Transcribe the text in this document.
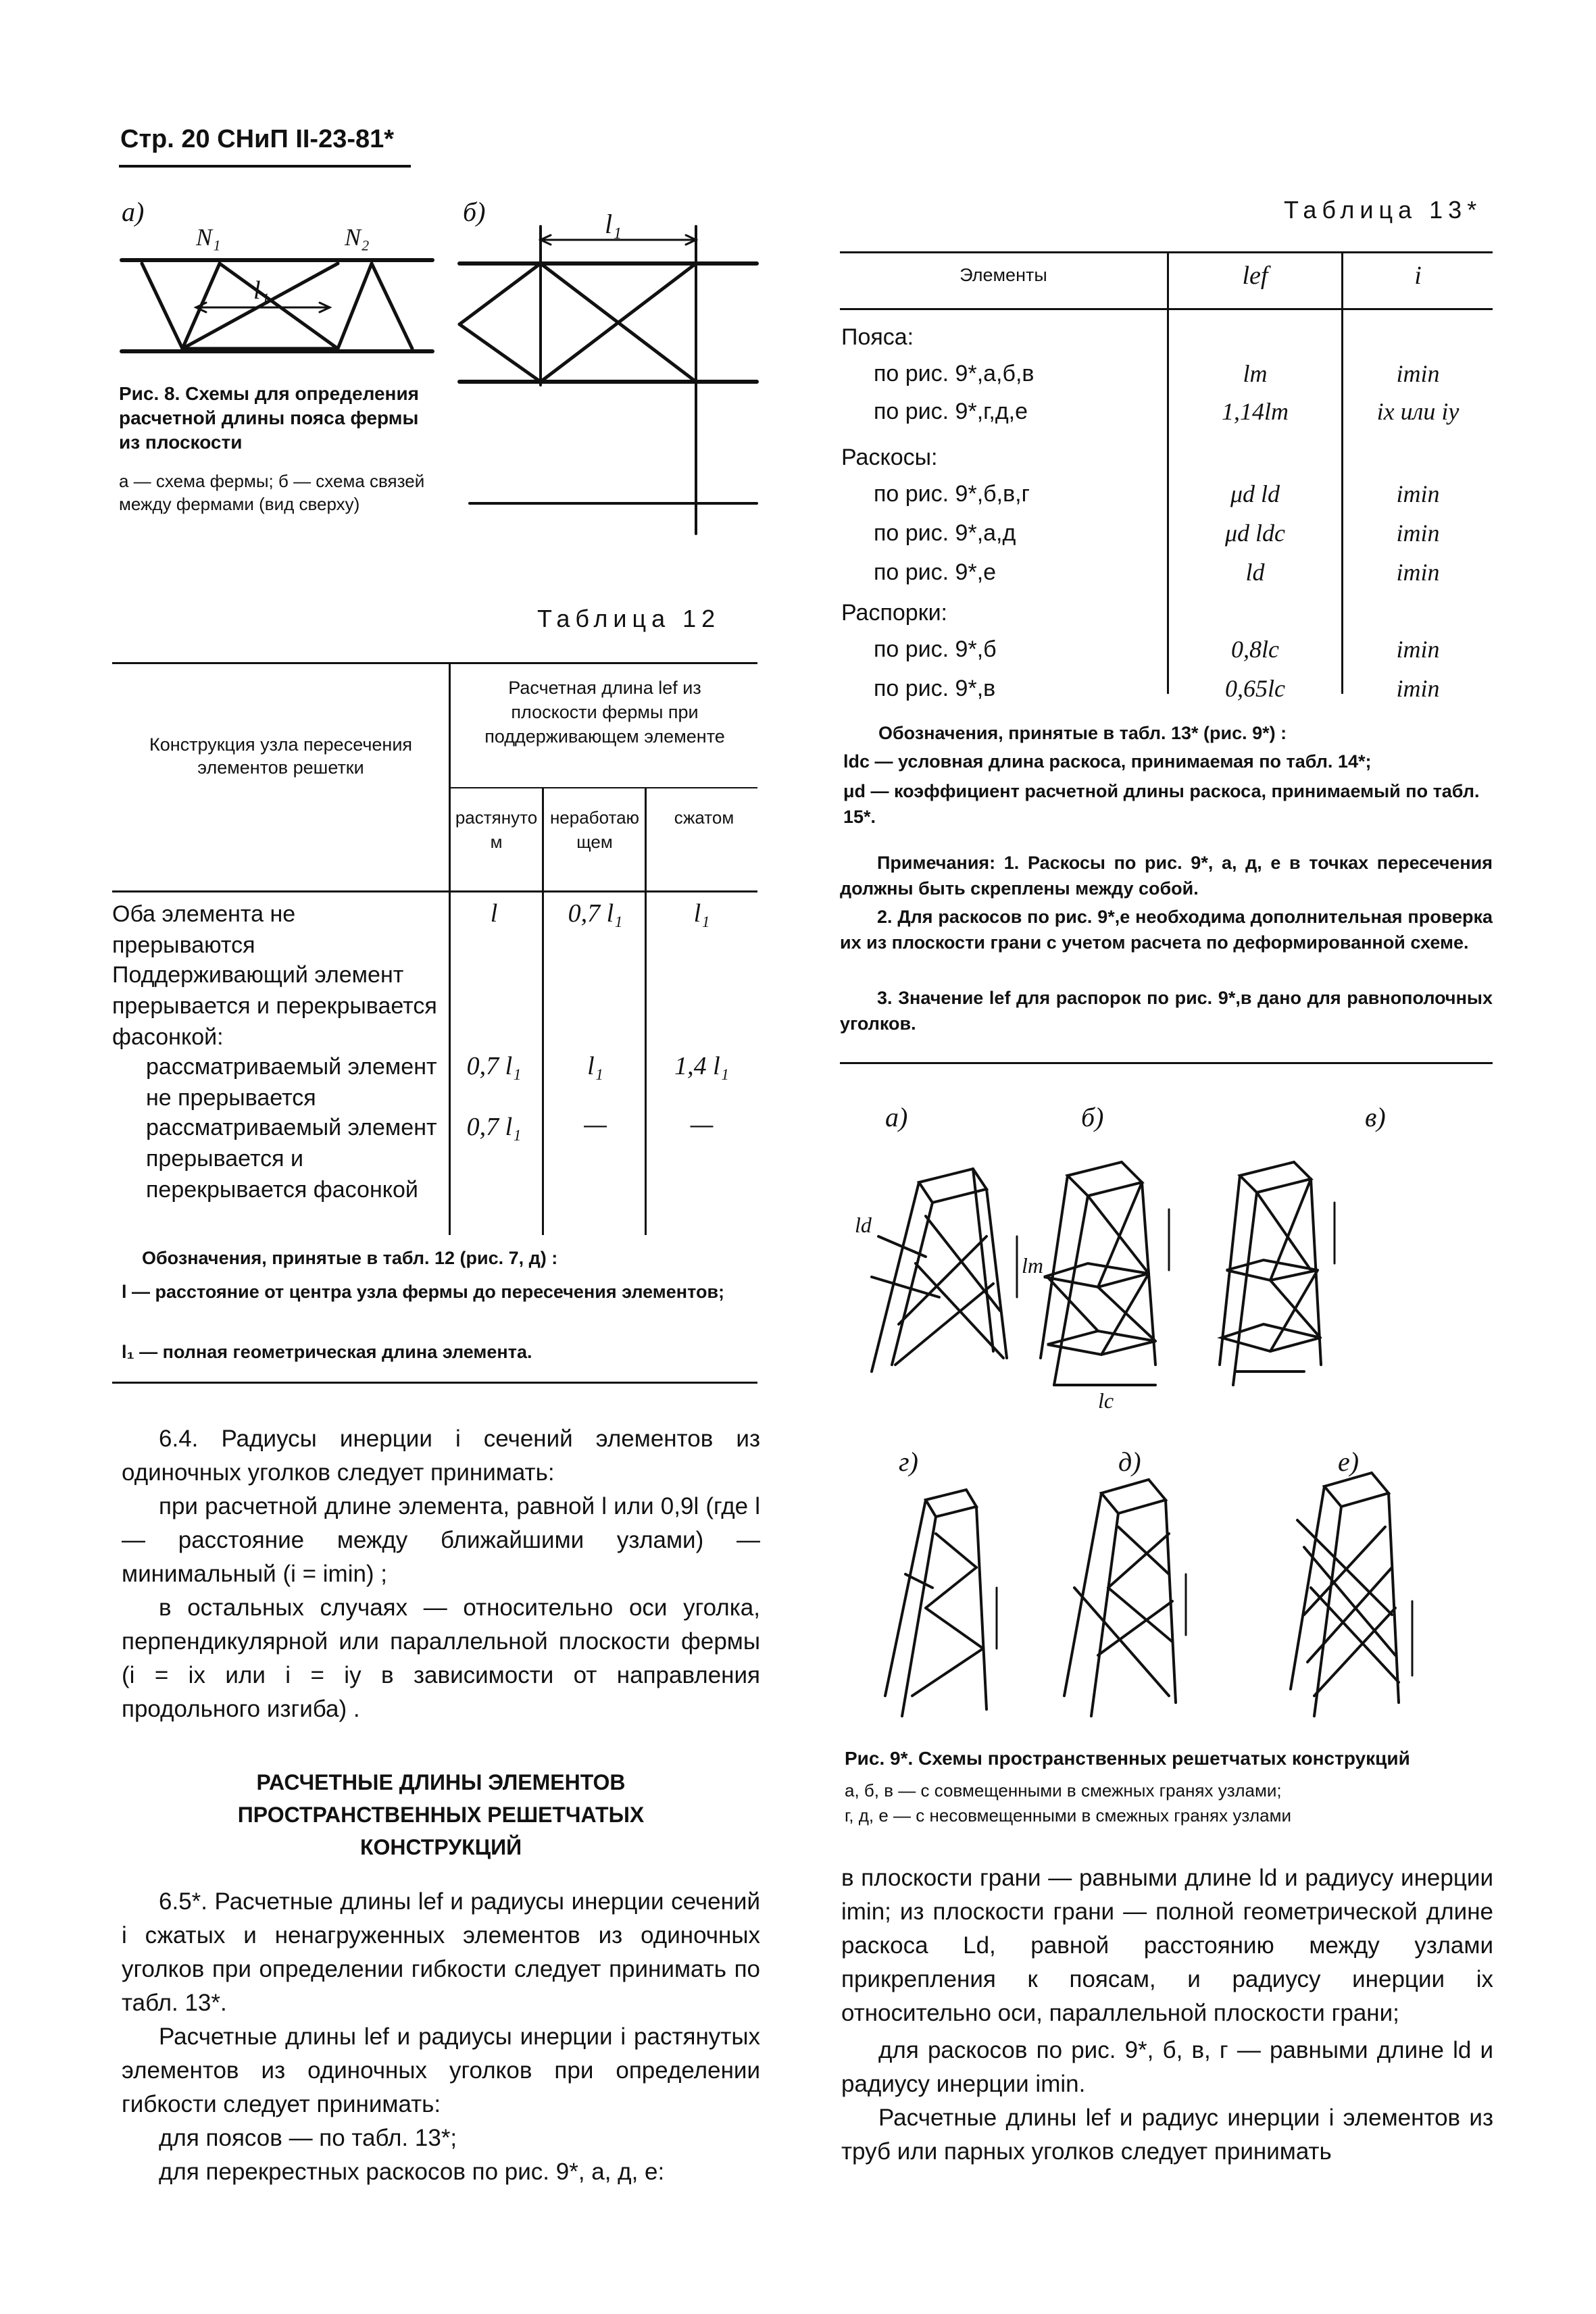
Стр. 20 СНиП II-23-81*
а)
N₁	N₂
l₁
б)	l₁
Рис. 8. Схемы для определения расчетной длины пояса фермы из плоскости
а — схема фермы; б — схема связей между фермами (вид сверху)
Таблица 12
Конструкция узла пересечения элементов решетки
Расчетная длина lef из плоскости фермы при поддерживающем элементе
растянутом
неработающем
сжатом
Оба элемента не прерываются
l	0,7 l₁	l₁
Поддерживающий элемент прерывается и перекрывается фасонкой:
рассматриваемый элемент не прерывается
0,7 l₁	l₁	1,4 l₁
рассматриваемый элемент прерывается и перекрывается фасонкой
0,7 l₁	—	—
Обозначения, принятые в табл. 12 (рис. 7, д) :
l — расстояние от центра узла фермы до пересечения элементов;
l₁ — полная геометрическая длина элемента.
6.4. Радиусы инерции i сечений элементов из одиночных уголков следует принимать:
при расчетной длине элемента, равной l или 0,9l (где l — расстояние между ближайшими узлами) — минимальный (i = imin) ;
в остальных случаях — относительно оси уголка, перпендикулярной или параллельной плоскости фермы (i = ix или i = iy в зависимости от направления продольного изгиба) .
РАСЧЕТНЫЕ ДЛИНЫ ЭЛЕМЕНТОВ
ПРОСТРАНСТВЕННЫХ РЕШЕТЧАТЫХ
КОНСТРУКЦИЙ
6.5*. Расчетные длины lef и радиусы инерции сечений i сжатых и ненагруженных элементов из одиночных уголков при определении гибкости следует принимать по табл. 13*.
Расчетные длины lef и радиусы инерции i растянутых элементов из одиночных уголков при определении гибкости следует принимать:
для поясов — по табл. 13*;
для перекрестных раскосов по рис. 9*, а, д, е:
Таблица 13*
Элементы	lef	i
Пояса:
по рис. 9*,а,б,в	lm	imin
по рис. 9*,г,д,е	1,14lm	ix или iy
Раскосы:
по рис. 9*,б,в,г	μd ld	imin
по рис. 9*,а,д	μd ldc	imin
по рис. 9*,е	ld	imin
Распорки:
по рис. 9*,б	0,8lc	imin
по рис. 9*,в	0,65lc	imin
Обозначения, принятые в табл. 13* (рис. 9*) :
ldc — условная длина раскоса, принимаемая по табл. 14*;
μd — коэффициент расчетной длины раскоса, принимаемый по табл. 15*.
Примечания: 1. Раскосы по рис. 9*, а, д, е в точках пересечения должны быть скреплены между собой.
2. Для раскосов по рис. 9*,е необходима дополнительная проверка их из плоскости грани с учетом расчета по деформированной схеме.
3. Значение lef для распорок по рис. 9*,в дано для равнополочных уголков.
а)	б)	в)
г)	д)	е)
lm
ld
lc
Рис. 9*. Схемы пространственных решетчатых конструкций
а, б, в — с совмещенными в смежных гранях узлами;
г, д, е — с несовмещенными в смежных гранях узлами
в плоскости грани — равными длине ld и радиусу инерции imin; из плоскости грани — полной геометрической длине раскоса Ld, равной расстоянию между узлами прикрепления к поясам, и радиусу инерции ix относительно оси, параллельной плоскости грани;
для раскосов по рис. 9*, б, в, г — равными длине ld и радиусу инерции imin.
Расчетные длины lef и радиус инерции i элементов из труб или парных уголков следует принимать
